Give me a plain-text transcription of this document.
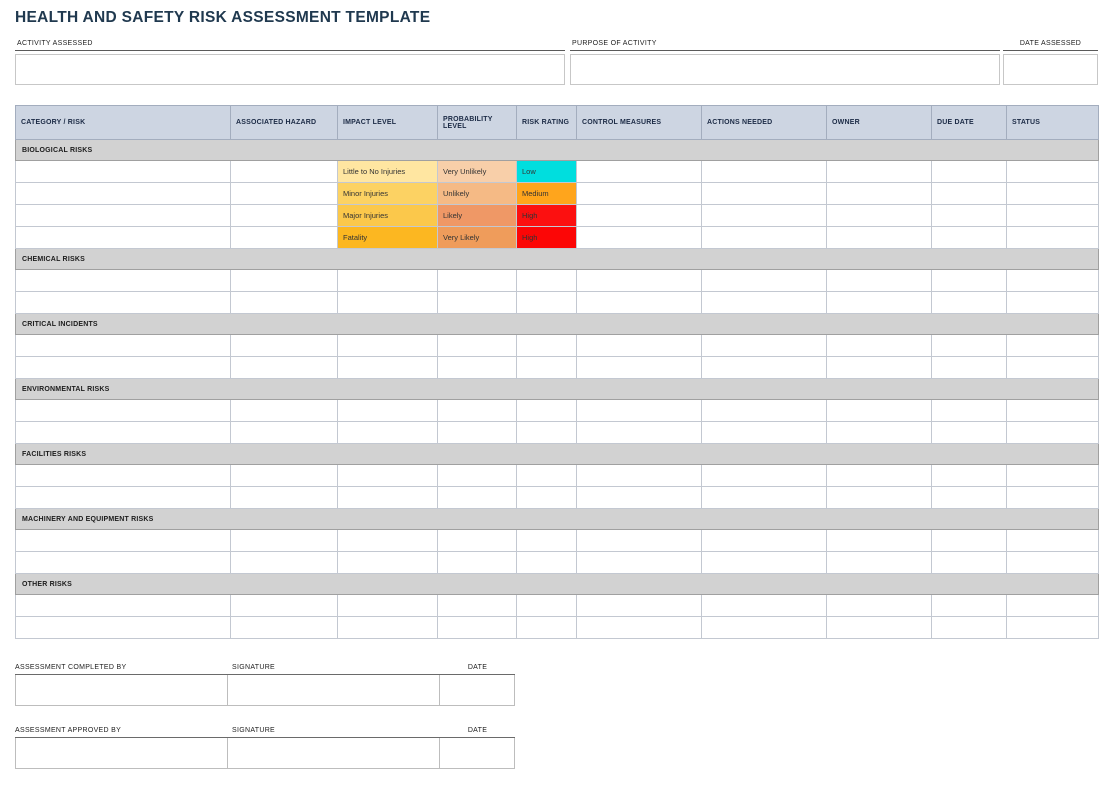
HEALTH AND SAFETY RISK ASSESSMENT TEMPLATE
ACTIVITY ASSESSED	PURPOSE OF ACTIVITY	DATE ASSESSED
CATEGORY / RISK	ASSOCIATED HAZARD	IMPACT LEVEL	PROBABILITY LEVEL	RISK RATING	CONTROL MEASURES	ACTIONS NEEDED	OWNER	DUE DATE	STATUS
BIOLOGICAL RISKS									
		Little to No Injuries	Very Unlikely	Low					
		Minor Injuries	Unlikely	Medium					
		Major Injuries	Likely	High					
		Fatality	Very Likely	High					
CHEMICAL RISKS									

CRITICAL INCIDENTS									

ENVIRONMENTAL RISKS									

FACILITIES RISKS									

MACHINERY AND EQUIPMENT RISKS									

OTHER RISKS									

ASSESSMENT COMPLETED BY	SIGNATURE	DATE
ASSESSMENT APPROVED BY	SIGNATURE	DATE
